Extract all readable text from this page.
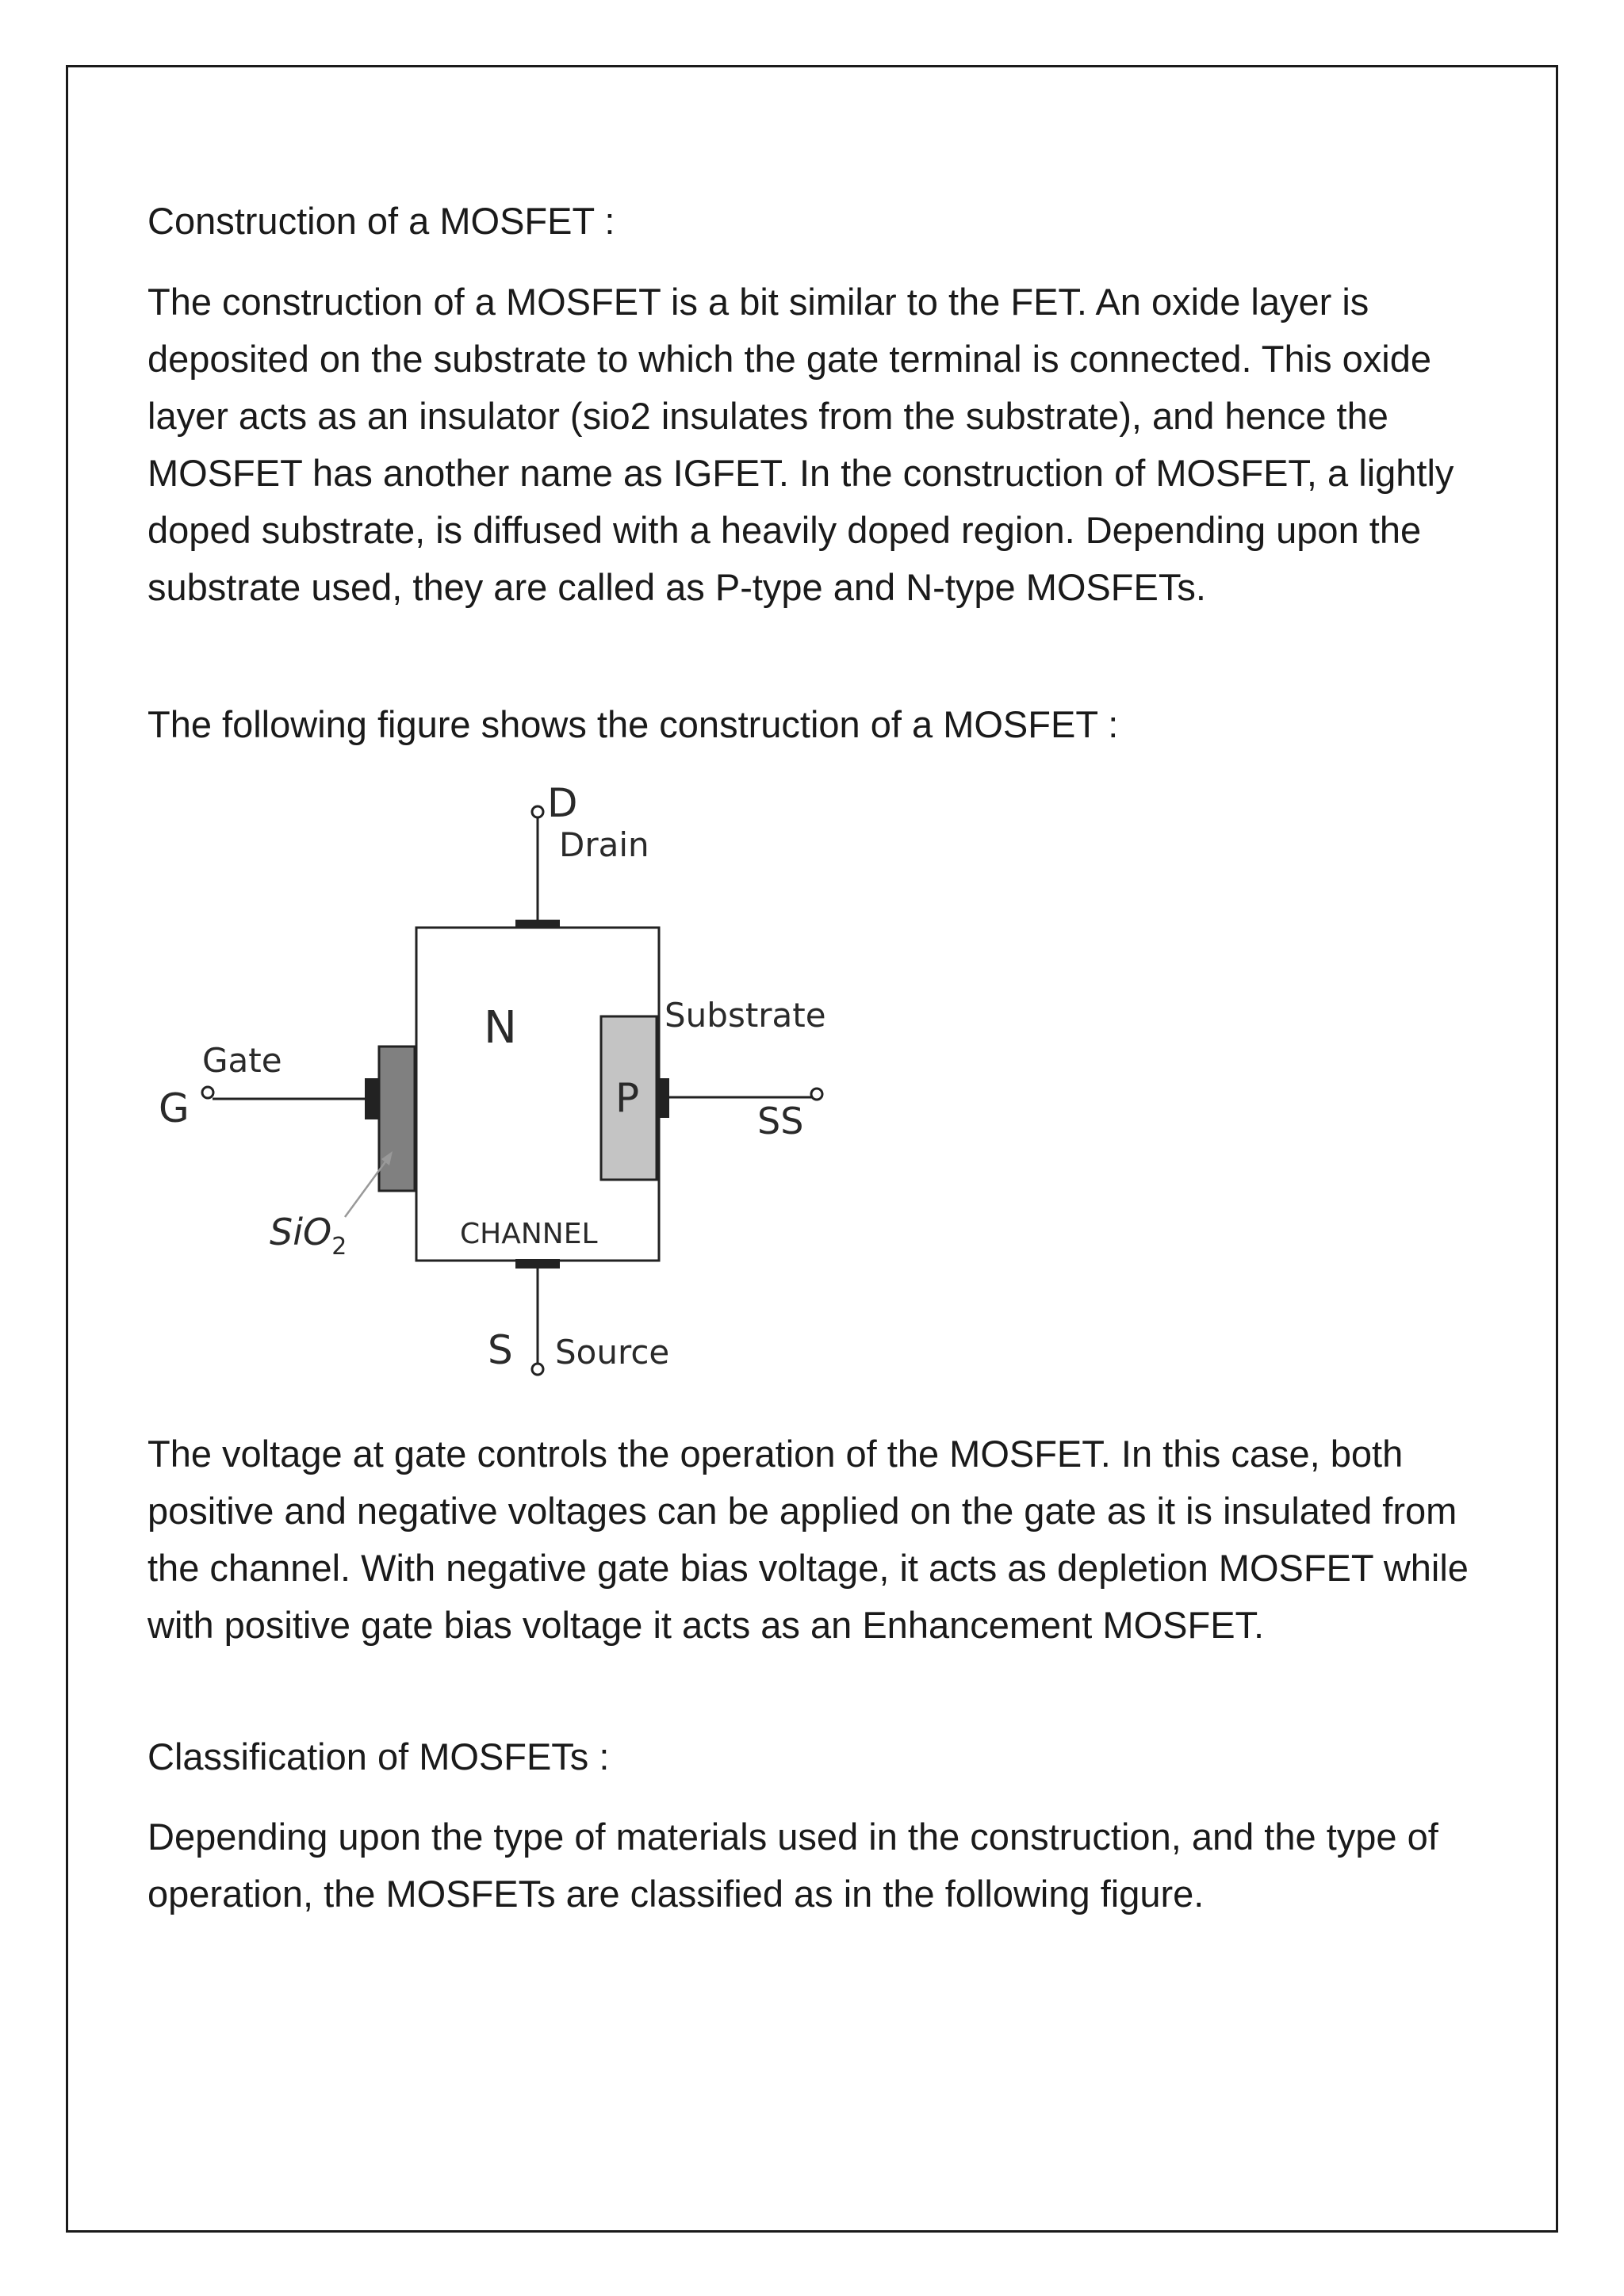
Construction of a MOSFET :

The construction of a MOSFET is a bit similar to the FET. An oxide layer is deposited on the substrate to which the gate terminal is connected. This oxide layer acts as an insulator (sio2 insulates from the substrate), and hence the MOSFET has another name as IGFET. In the construction of MOSFET, a lightly doped substrate, is diffused with a heavily doped region. Depending upon the substrate used, they are called as P-type and N-type MOSFETs.

The following figure shows the construction of a MOSFET :

D
Drain
N
CHANNEL
G
Gate
P
Substrate
SS
S Source
SiO$_2$

The voltage at gate controls the operation of the MOSFET. In this case, both positive and negative voltages can be applied on the gate as it is insulated from the channel. With negative gate bias voltage, it acts as depletion MOSFET while with positive gate bias voltage it acts as an Enhancement MOSFET.

Classification of MOSFETs :

Depending upon the type of materials used in the construction, and the type of operation, the MOSFETs are classified as in the following figure.
